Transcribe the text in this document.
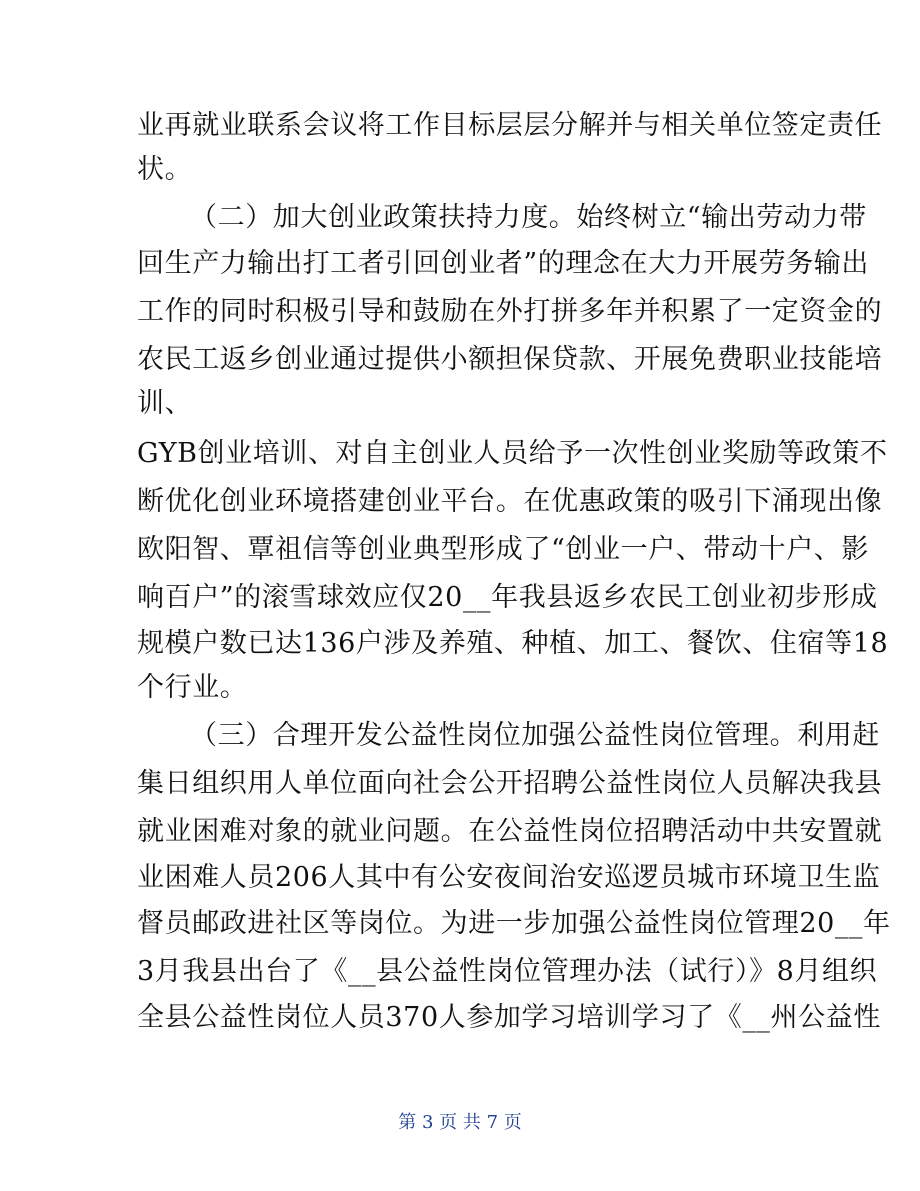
业再就业联系会议将工作目标层层分解并与相关单位签定责任
状。
（二）加大创业政策扶持力度。始终树立“输出劳动力带
回生产力输出打工者引回创业者”的理念在大力开展劳务输出
工作的同时积极引导和鼓励在外打拼多年并积累了一定资金的
农民工返乡创业通过提供小额担保贷款、开展免费职业技能培
训、
GYB创业培训、对自主创业人员给予一次性创业奖励等政策不
断优化创业环境搭建创业平台。在优惠政策的吸引下涌现出像
欧阳智、覃祖信等创业典型形成了“创业一户、带动十户、影
响百户”的滚雪球效应仅20__年我县返乡农民工创业初步形成
规模户数已达136户涉及养殖、种植、加工、餐饮、住宿等18
个行业。
（三）合理开发公益性岗位加强公益性岗位管理。利用赶
集日组织用人单位面向社会公开招聘公益性岗位人员解决我县
就业困难对象的就业问题。在公益性岗位招聘活动中共安置就
业困难人员206人其中有公安夜间治安巡逻员城市环境卫生监
督员邮政进社区等岗位。为进一步加强公益性岗位管理20__年
3月我县出台了《__县公益性岗位管理办法（试行）》8月组织
全县公益性岗位人员370人参加学习培训学习了《__州公益性
第 3 页 共 7 页
